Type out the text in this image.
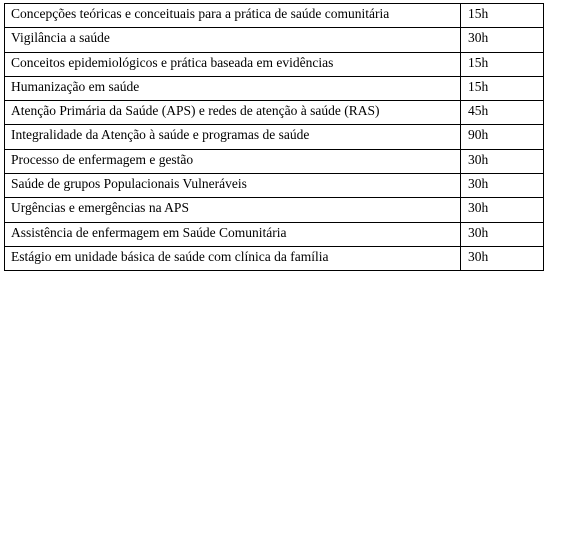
Concepções teóricas e conceituais para a prática de saúde comunitária	15h
Vigilância a saúde	30h
Conceitos epidemiológicos e prática baseada em evidências	15h
Humanização em saúde	15h
Atenção Primária da Saúde (APS) e redes de atenção à saúde (RAS)	45h
Integralidade da Atenção à saúde e programas de saúde	90h
Processo de enfermagem e gestão	30h
Saúde de grupos Populacionais Vulneráveis	30h
Urgências e emergências na APS	30h
Assistência de enfermagem em Saúde Comunitária	30h
Estágio em unidade básica de saúde com clínica da família	30h
